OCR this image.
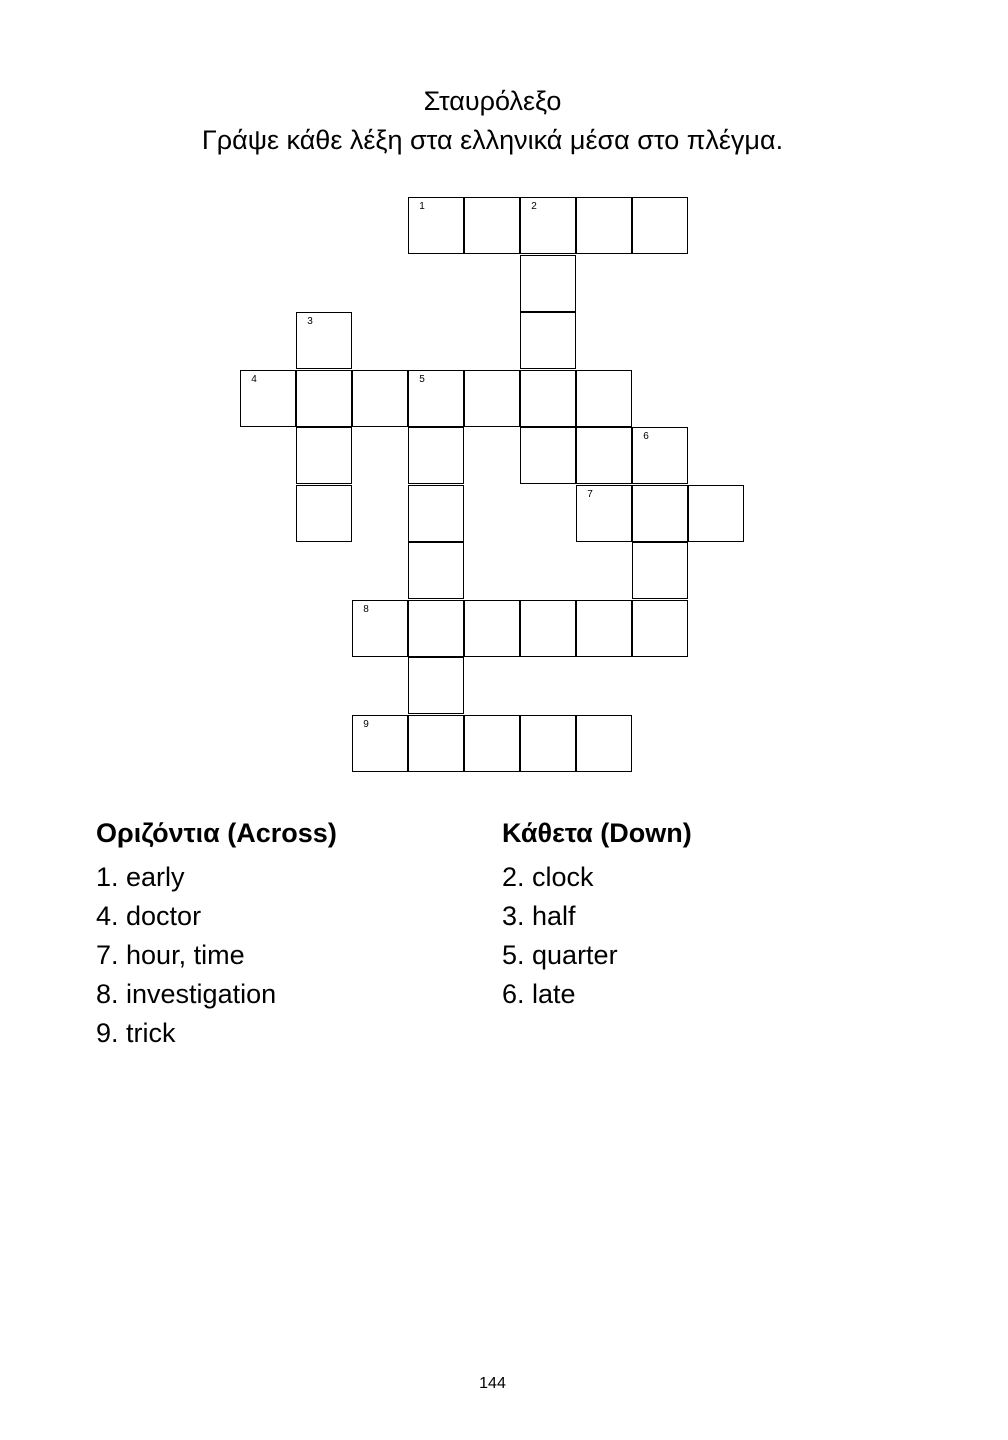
Σταυρόλεξο
Γράψε κάθε λέξη στα ελληνικά μέσα στο πλέγμα.
1	2
3
4	5
6
7
8
9
Οριζόντια (Across)
1. early
4. doctor
7. hour, time
8. investigation
9. trick
Κάθετα (Down)
2. clock
3. half
5. quarter
6. late
144
